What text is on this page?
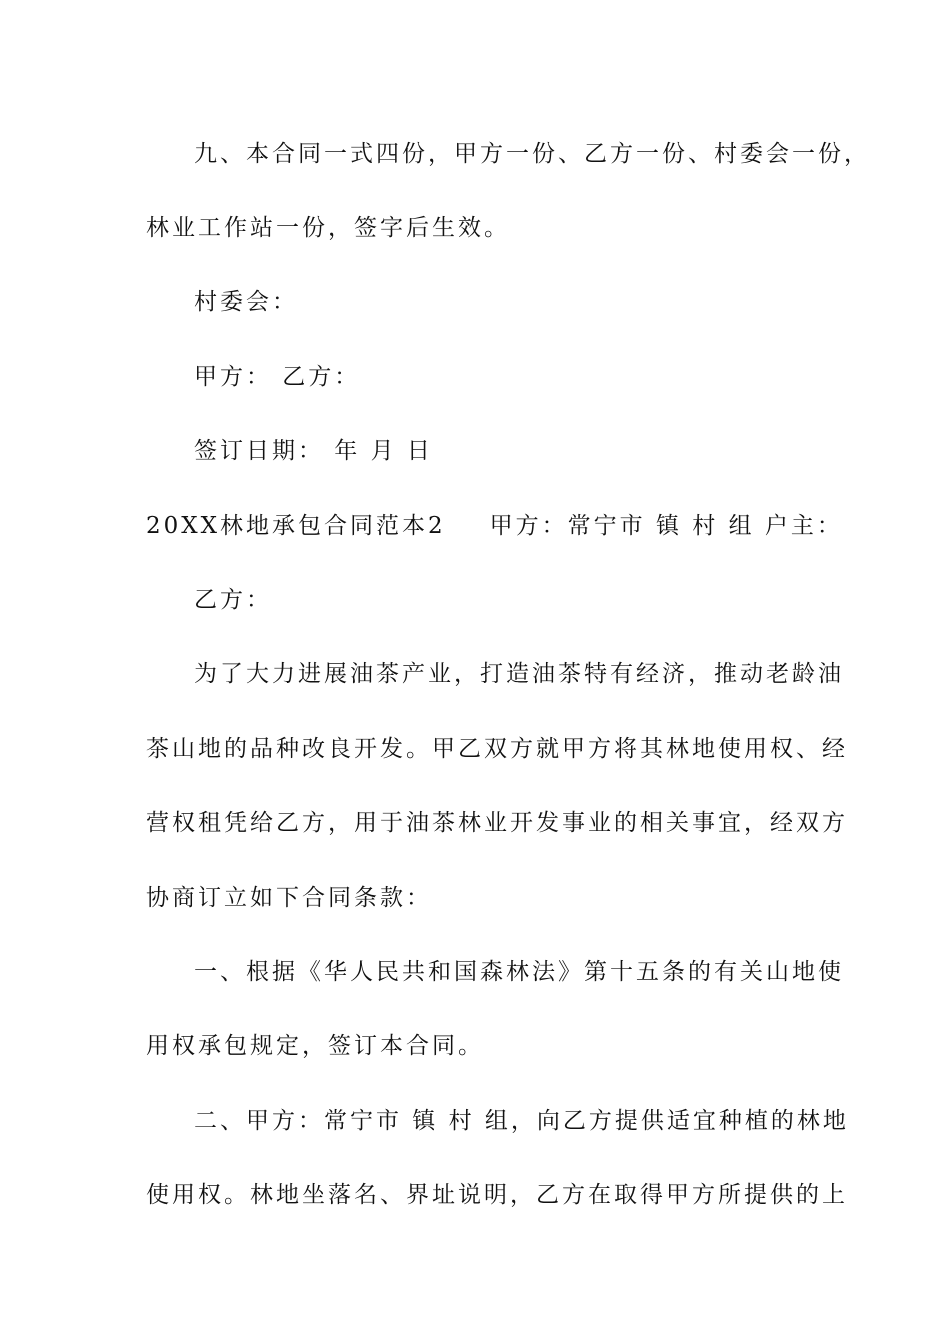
九、本合同一式四份，甲方一份、乙方一份、村委会一份，
林业工作站一份，签字后生效。
村委会：
甲方： 乙方：
签订日期： 年 月 日
20XX林地承包合同范本2 甲方：常宁市 镇 村 组 户主：
乙方：
为了大力进展油茶产业，打造油茶特有经济，推动老龄油
茶山地的品种改良开发。甲乙双方就甲方将其林地使用权、经
营权租凭给乙方，用于油茶林业开发事业的相关事宜，经双方
协商订立如下合同条款：
一、根据《华人民共和国森林法》第十五条的有关山地使
用权承包规定，签订本合同。
二、甲方：常宁市 镇 村 组，向乙方提供适宜种植的林地
使用权。林地坐落名、界址说明，乙方在取得甲方所提供的上
